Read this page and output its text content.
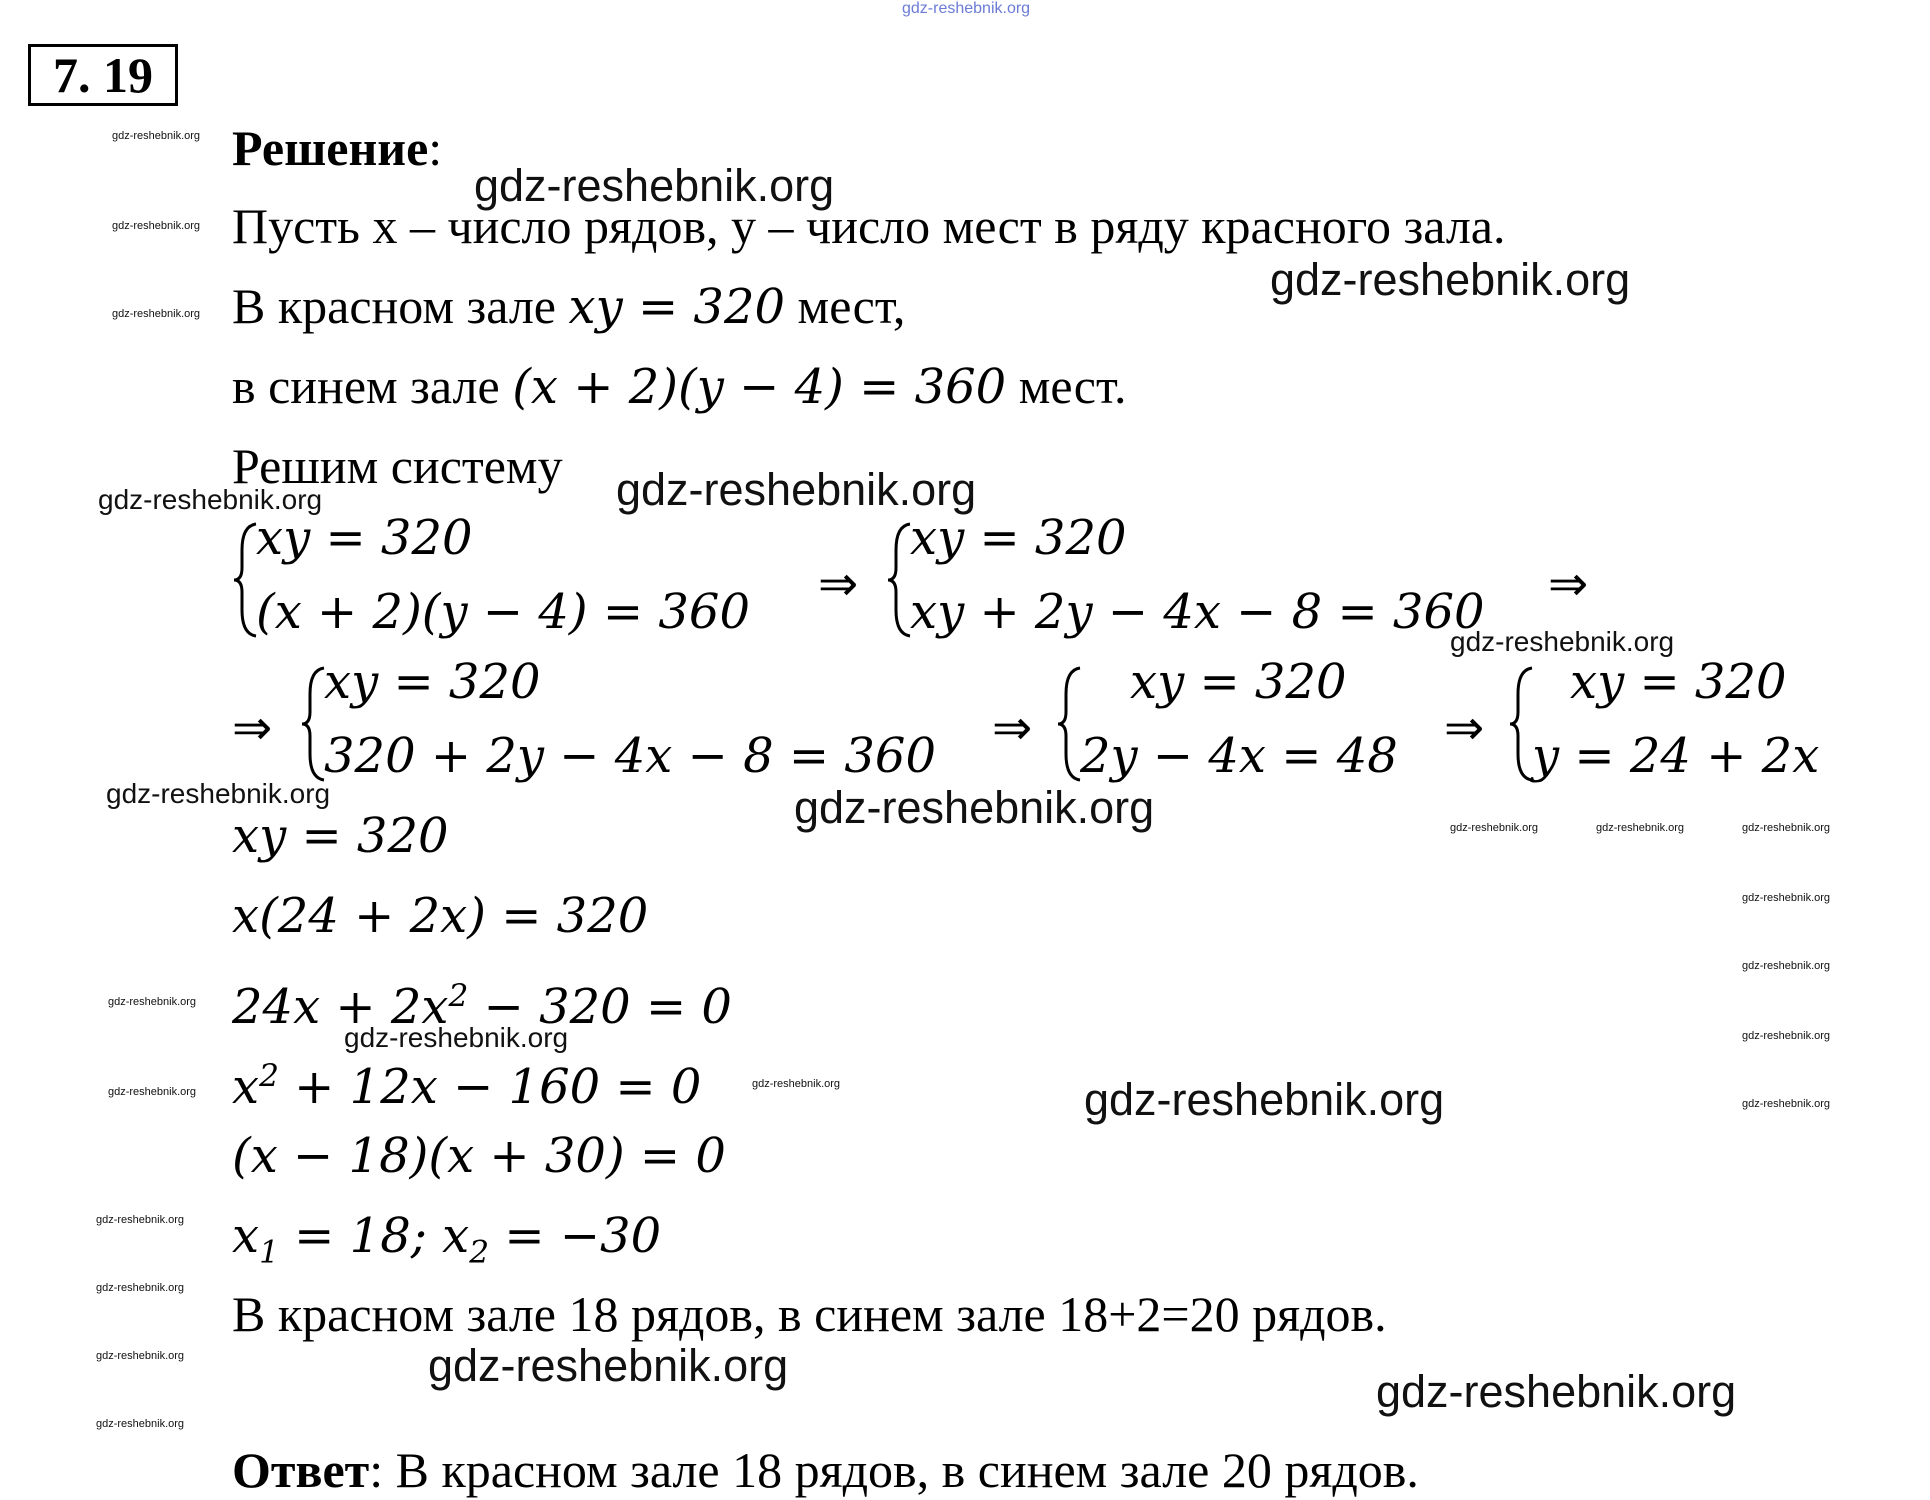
gdz-reshebnik.org
7. 19
Решение:
Пусть x – число рядов, y – число мест в ряду красного зала.
В красном зале xy = 320 мест,
в синем зале (x + 2)(y − 4) = 360 мест.
Решим систему
xy = 320
(x + 2)(y − 4) = 360 ⇒
xy = 320
xy + 2y − 4x − 8 = 360 ⇒
⇒
xy = 320
320 + 2y − 4x − 8 = 360 ⇒
xy = 320
2y − 4x = 48 ⇒
xy = 320
y = 24 + 2x
xy = 320
x(24 + 2x) = 320
$24x + 2x^2 - 320 = 0$
$x^2 + 12x - 160 = 0$
(x − 18)(x + 30) = 0
$x_1 = 18$; $x_2 = -30$
В красном зале 18 рядов, в синем зале 18+2=20 рядов.
Ответ: В красном зале 18 рядов, в синем зале 20 рядов.
gdz-reshebnik.org
gdz-reshebnik.org
gdz-reshebnik.org
gdz-reshebnik.org
gdz-reshebnik.org
gdz-reshebnik.org
gdz-reshebnik.org
gdz-reshebnik.org
gdz-reshebnik.org
gdz-reshebnik.org
gdz-reshebnik.org
gdz-reshebnik.org
gdz-reshebnik.org
gdz-reshebnik.org
gdz-reshebnik.org	gdz-reshebnik.org	gdz-reshebnik.org
gdz-reshebnik.org
gdz-reshebnik.org
gdz-reshebnik.org
gdz-reshebnik.org
gdz-reshebnik.org
gdz-reshebnik.org
gdz-reshebnik.org
gdz-reshebnik.org
gdz-reshebnik.org
gdz-reshebnik.org
gdz-reshebnik.org
